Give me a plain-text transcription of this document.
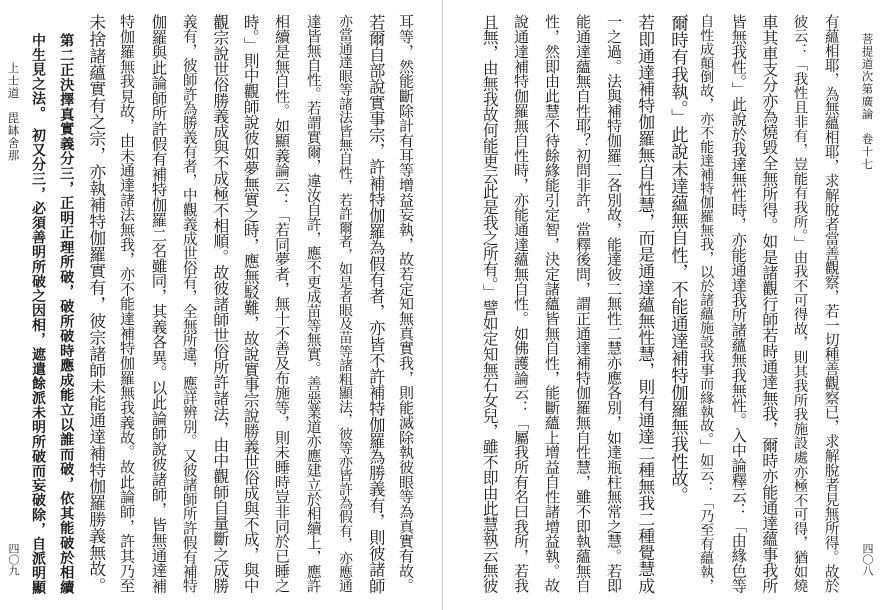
菩提道次第廣論　卷十七
四〇八
有蘊相耶，為無蘊相耶，求解脫者當善觀察，若一切種善觀察已，求解脫者見無所得。故於
彼云：「我性且非有，豈能有我所。」由我不可得故，則其我所我施設處亦極不可得，猶如燒
車其車支分亦為燒毀全無所得。如是諸觀行師若時通達無我，爾時亦能通達蘊事我所
皆無我性。」此說於我達無性時，亦能通達我所諸蘊無我無性。入中論釋云：「由緣色等
自性成顛倒故，亦不能達補特伽羅無我，以於諸蘊施設我事而緣執故。」如云：「乃至有蘊執，
爾時有我執。」此說未達蘊無自性，不能通達補特伽羅無我性故。
若即通達補特伽羅無自性慧，而是通達蘊無性慧，則有通達二種無我二種覺慧成
一之過。法與補特伽羅二各別故，能達彼二無性二慧亦應各別，如達瓶柱無常之慧。若即
能通達蘊無自性耶？初問非許，當釋後問，謂正通達補特伽羅無自性慧，雖不即執蘊無自
性，然即由此慧不待餘緣能引定智，決定諸蘊皆無自性，能斷蘊上增益自性諸增益執。故
說通達補特伽羅無自性時，亦能通達蘊無自性。如佛護論云：「屬我所有名曰我所，若我
且無，由無我故何能更云此是我之所有。」譬如定知無石女兒，雖不即由此慧執云無彼
耳等，然能斷除計有耳等增益妄執，故若定知無真實我，則能滅除執彼眼等為真實有故。
若爾自部說實事宗，許補特伽羅為假有者，亦皆不許補特伽羅為勝義有，則彼諸師
亦當通達眼等諸法皆無自性，若許爾者，如是者眼及苗等諸粗顯法，彼等亦皆許為假有，亦應通
達皆無自性。若謂實爾，違汝自許，應不更成苗等無實。善惡業道亦應建立於相續上，應許
相續是無自性。如顯義論云：「若同夢者，無十不善及布施等，則未睡時豈非同於已睡之
時。」則中觀師說彼如夢無實之時，應無駁難，故說實事宗說勝義世俗成與不成，與中
觀宗說世俗勝義成與不成極不相順。故彼諸師世俗所許諸法，由中觀師自量斷之成勝
義有，彼師許為勝義有者，中觀義成世俗有，全無所違，應詳辨別。又彼諸師所許假有補特
伽羅與此論師所許假有補特伽羅二名雖同，其義各異。以此論師說彼諸師，皆無通達補
特伽羅無我見故，由未通達諸法無我，亦不能達補特伽羅無我義故。故此論師，許其乃至
未捨諸蘊實有之宗，亦執補特伽羅實有，彼宗諸師未能通達補特伽羅勝義無故。
第二正決擇真實義分三，正明正理所破，破所破時應成能立以誰而破，依其能破於相續
中生見之法。　初又分三，必須善明所破之因相，遮遣餘派未明所破而妄破除，自派明顯
上士道　毘缽舍那
四〇九
